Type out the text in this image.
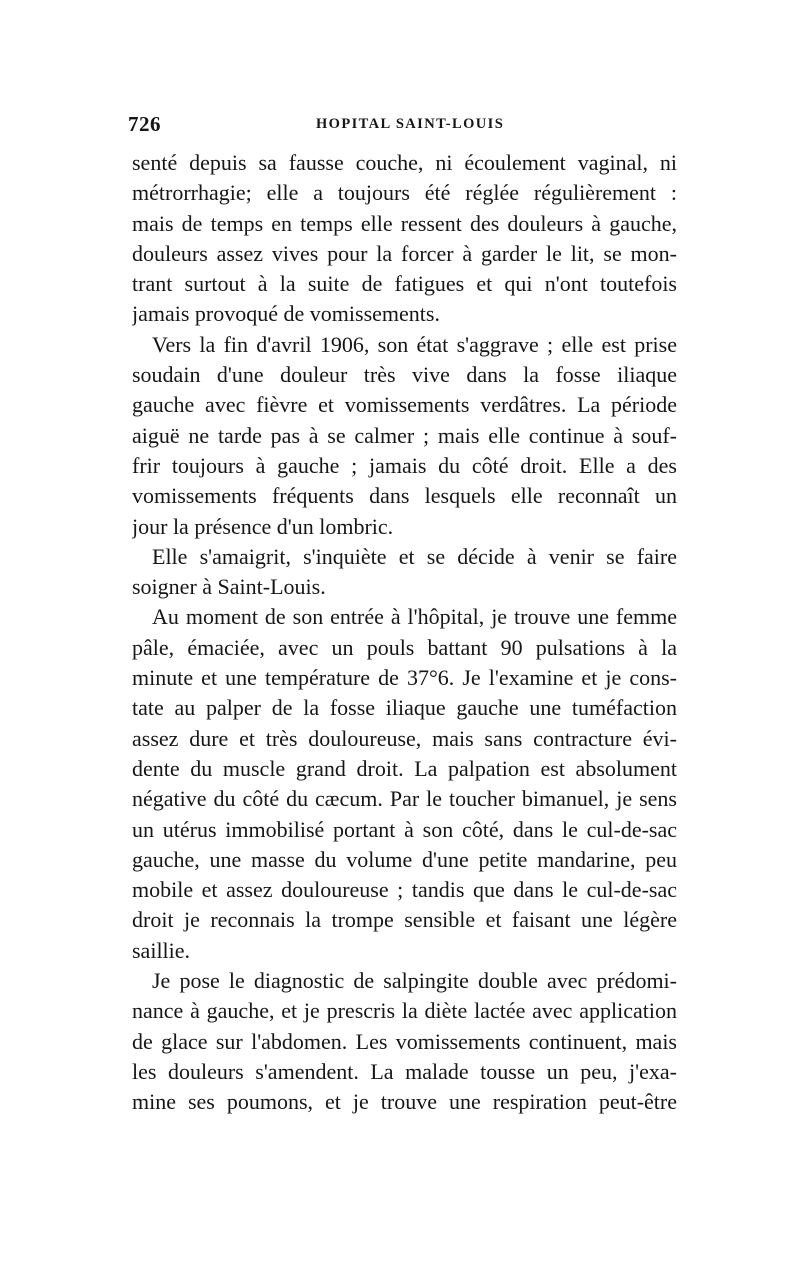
726	HOPITAL SAINT-LOUIS
senté depuis sa fausse couche, ni écoulement vaginal, ni
métrorrhagie; elle a toujours été réglée régulièrement :
mais de temps en temps elle ressent des douleurs à gauche,
douleurs assez vives pour la forcer à garder le lit, se mon-
trant surtout à la suite de fatigues et qui n'ont toutefois
jamais provoqué de vomissements.
Vers la fin d'avril 1906, son état s'aggrave ; elle est prise
soudain d'une douleur très vive dans la fosse iliaque
gauche avec fièvre et vomissements verdâtres. La période
aiguë ne tarde pas à se calmer ; mais elle continue à souf-
frir toujours à gauche ; jamais du côté droit. Elle a des
vomissements fréquents dans lesquels elle reconnaît un
jour la présence d'un lombric.
Elle s'amaigrit, s'inquiète et se décide à venir se faire
soigner à Saint-Louis.
Au moment de son entrée à l'hôpital, je trouve une femme
pâle, émaciée, avec un pouls battant 90 pulsations à la
minute et une température de 37°6. Je l'examine et je cons-
tate au palper de la fosse iliaque gauche une tuméfaction
assez dure et très douloureuse, mais sans contracture évi-
dente du muscle grand droit. La palpation est absolument
négative du côté du cæcum. Par le toucher bimanuel, je sens
un utérus immobilisé portant à son côté, dans le cul-de-sac
gauche, une masse du volume d'une petite mandarine, peu
mobile et assez douloureuse ; tandis que dans le cul-de-sac
droit je reconnais la trompe sensible et faisant une légère
saillie.
Je pose le diagnostic de salpingite double avec prédomi-
nance à gauche, et je prescris la diète lactée avec application
de glace sur l'abdomen. Les vomissements continuent, mais
les douleurs s'amendent. La malade tousse un peu, j'exa-
mine ses poumons, et je trouve une respiration peut-être
